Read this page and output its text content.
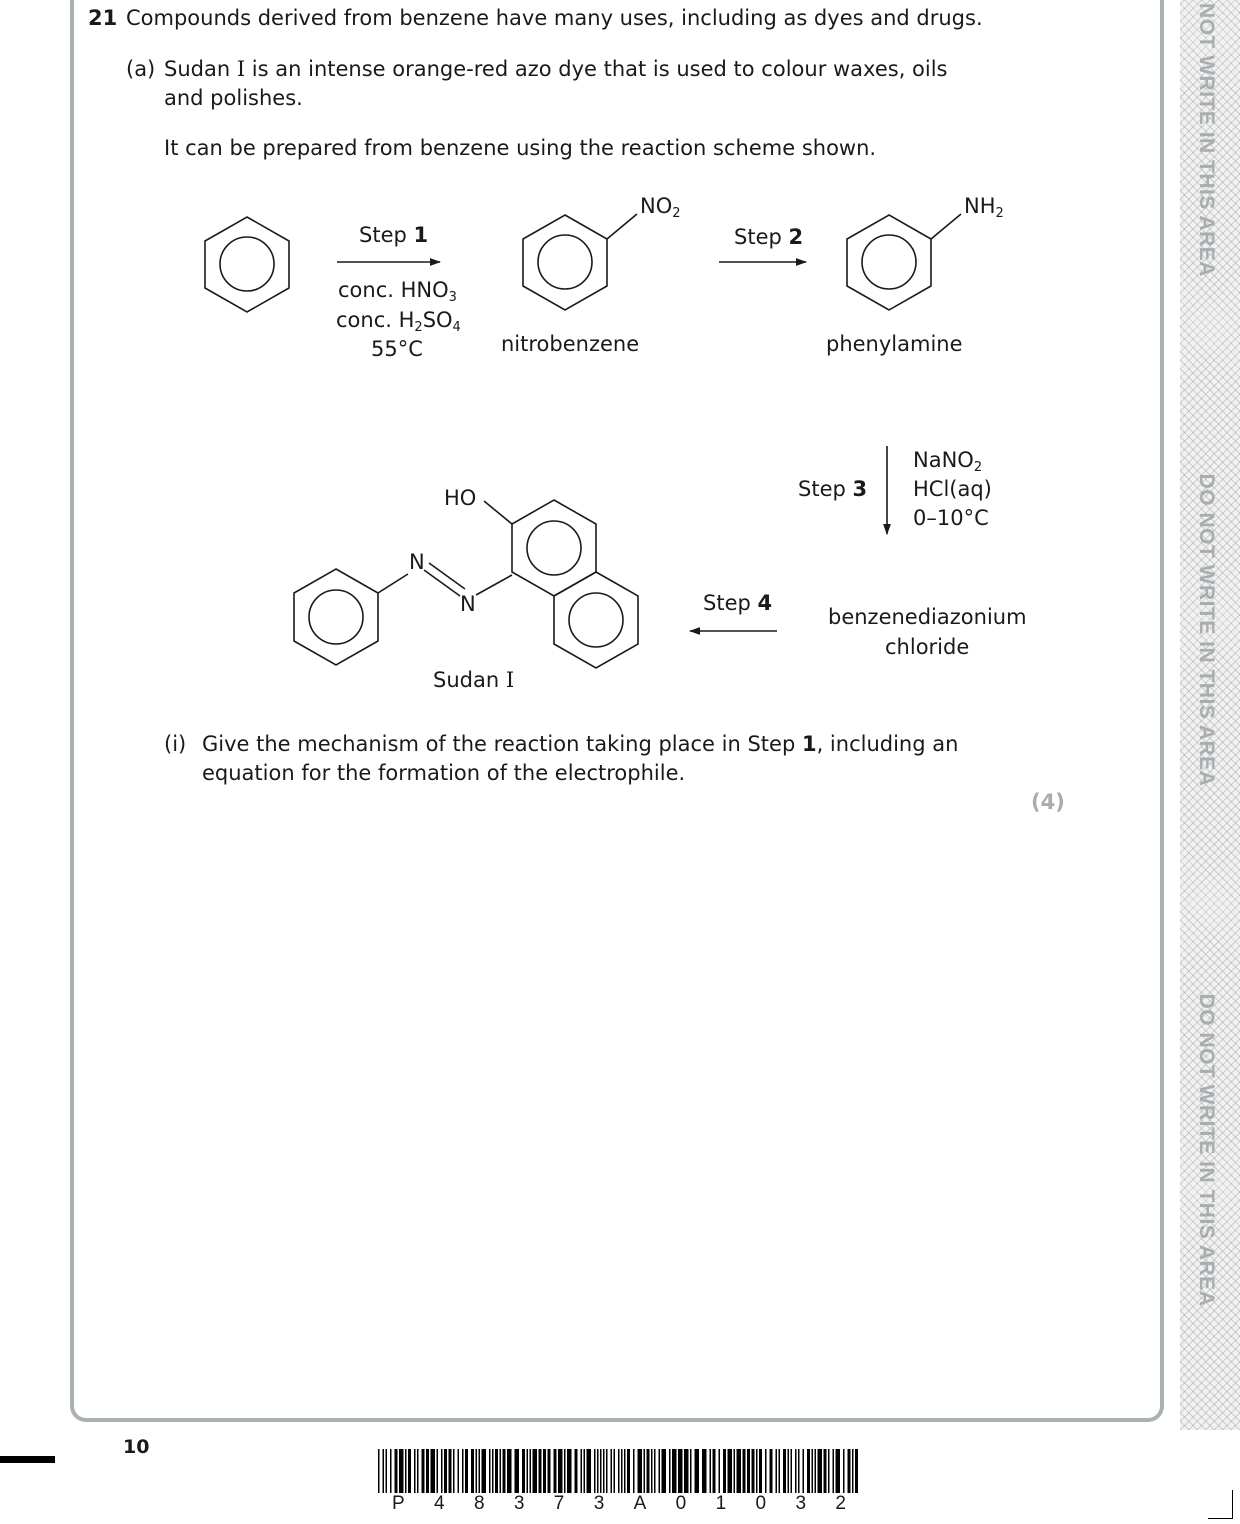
NOT WRITE IN THIS AREA
DO NOT WRITE IN THIS AREA
DO NOT WRITE IN THIS AREA
21 Compounds derived from benzene have many uses, including as dyes and drugs.
(a) Sudan I is an intense orange-red azo dye that is used to colour waxes, oils
and polishes.
It can be prepared from benzene using the reaction scheme shown.
Step 1
conc. $HNO_3$
conc. $H_2SO_4$
55°C
$NO_2$
nitrobenzene
Step 2
$NH_2$
phenylamine
Step 3
NaNO$_2$
HCl(aq)
0–10°C
benzenediazonium
chloride
Step 4
HO
N
N
Sudan I
(i) Give the mechanism of the reaction taking place in Step 1, including an
equation for the formation of the electrophile.
(4)
10
P 4 8 3 7 3 A 0 1 0 3 2
